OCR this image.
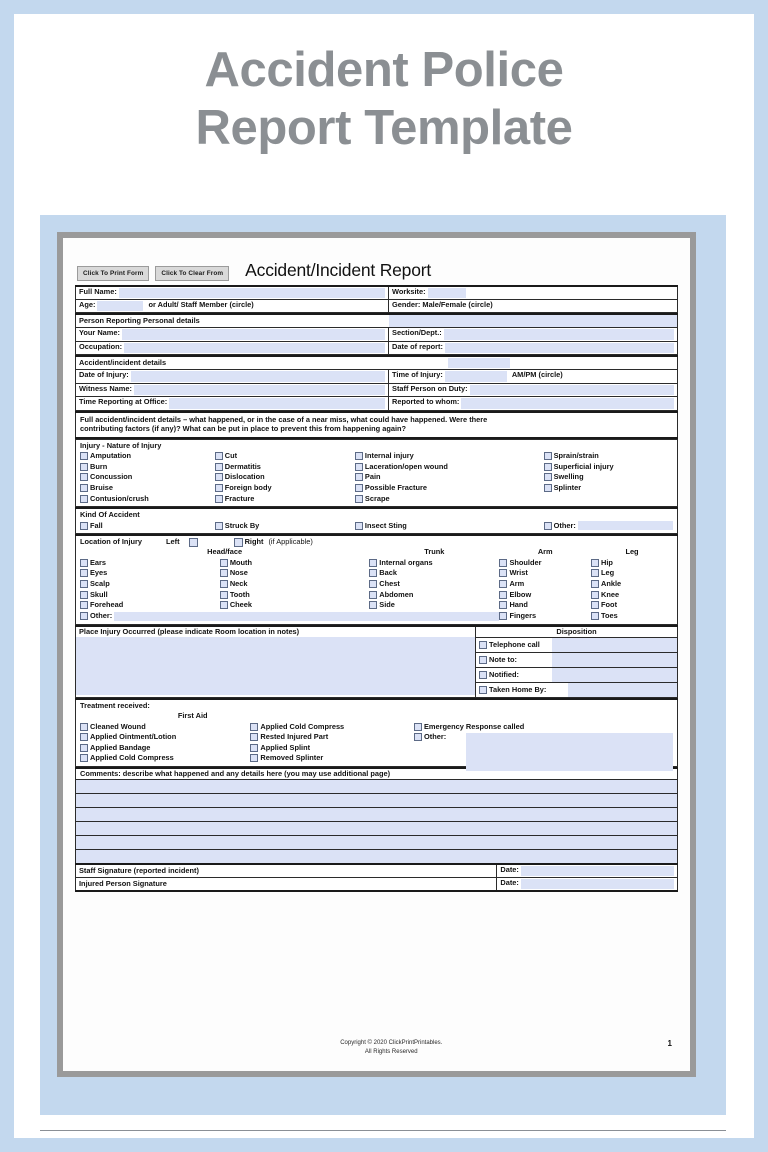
Accident Police
Report Template
Click To Print Form	Click To Clear From	Accident/Incident Report
Full Name:	Worksite:

Age: or Adult/ Staff Member (circle)	Gender: Male/Female (circle)
Person Reporting Personal details	

Your Name:	Section/Dept.:

Occupation:	Date of report:
Accident/incident details	

Date of Injury:	Time of Injury: AM/PM (circle)

Witness Name:	Staff Person on Duty:

Time Reporting at Office:	Reported to whom:
Full accident/incident details – what happened, or in the case of a near miss, what could have happened. Were there
contributing factors (if any)? What can be put in place to prevent this from happening again?
Injury - Nature of Injury
Amputation	Cut	Internal injury	Sprain/strain
Burn	Dermatitis	Laceration/open wound	Superficial injury
Concussion	Dislocation	Pain	Swelling
Bruise	Foreign body	Possible Fracture	Splinter
Contusion/crush	Fracture	Scrape
Kind Of Accident
Fall	Struck By	Insect Sting	Other:
Location of Injury	Left	Right (if Applicable)
Head/face	Trunk	Arm	Leg
Ears	Mouth	Internal organs	Shoulder	Hip
Eyes	Nose	Back	Wrist	Leg
Scalp	Neck	Chest	Arm	Ankle
Skull	Tooth	Abdomen	Elbow	Knee
Forehead	Cheek	Side	Hand	Foot
Other:	Fingers	Toes
Place Injury Occurred (please indicate Room location in notes)	Disposition
Telephone call
Note to:
Notified:
Taken Home By:
Treatment received:
First Aid
Cleaned Wound	Applied Cold Compress	Emergency Response called
Applied Ointment/Lotion	Rested Injured Part	Other:
Applied Bandage	Applied Splint
Applied Cold Compress	Removed Splinter
Comments: describe what happened and any details here (you may use additional page)
Staff Signature (reported incident)	Date:

Injured Person Signature	Date:
Copyright © 2020 ClickPrintPrintables.
All Rights Reserved
1
